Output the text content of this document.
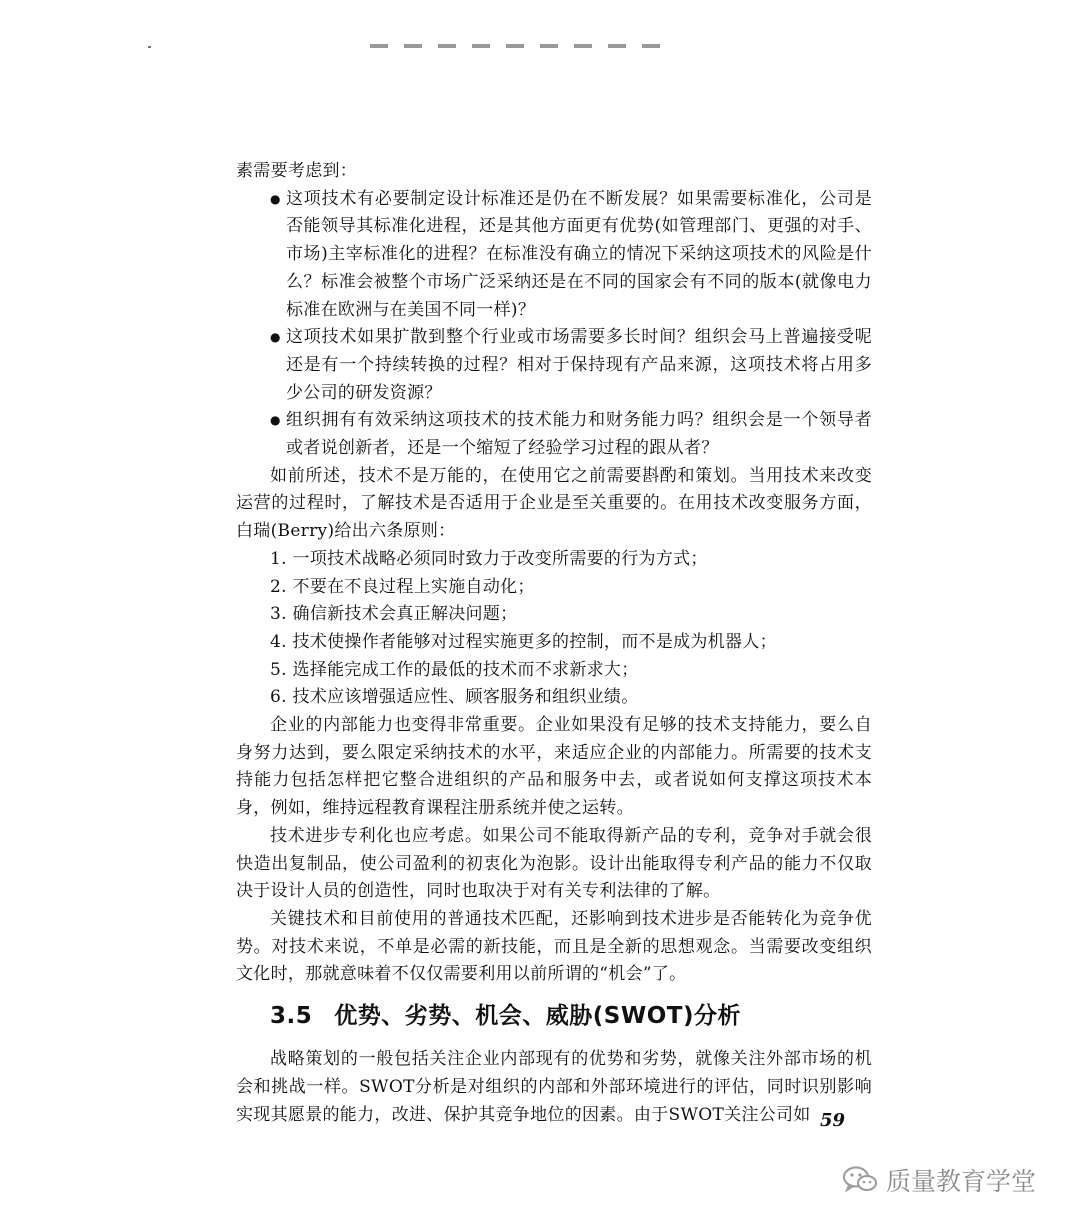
素需要考虑到：

● 这项技术有必要制定设计标准还是仍在不断发展？如果需要标准化，公司是否能领导其标准化进程，还是其他方面更有优势(如管理部门、更强的对手、市场)主宰标准化的进程？在标准没有确立的情况下采纳这项技术的风险是什么？标准会被整个市场广泛采纳还是在不同的国家会有不同的版本(就像电力标准在欧洲与在美国不同一样)？

● 这项技术如果扩散到整个行业或市场需要多长时间？组织会马上普遍接受呢还是有一个持续转换的过程？相对于保持现有产品来源，这项技术将占用多少公司的研发资源？

● 组织拥有有效采纳这项技术的技术能力和财务能力吗？组织会是一个领导者或者说创新者，还是一个缩短了经验学习过程的跟从者？

如前所述，技术不是万能的，在使用它之前需要斟酌和策划。当用技术来改变运营的过程时，了解技术是否适用于企业是至关重要的。在用技术改变服务方面，白瑞(Berry)给出六条原则：

1. 一项技术战略必须同时致力于改变所需要的行为方式；

2. 不要在不良过程上实施自动化；

3. 确信新技术会真正解决问题；

4. 技术使操作者能够对过程实施更多的控制，而不是成为机器人；

5. 选择能完成工作的最低的技术而不求新求大；

6. 技术应该增强适应性、顾客服务和组织业绩。

企业的内部能力也变得非常重要。企业如果没有足够的技术支持能力，要么自身努力达到，要么限定采纳技术的水平，来适应企业的内部能力。所需要的技术支持能力包括怎样把它整合进组织的产品和服务中去，或者说如何支撑这项技术本身，例如，维持远程教育课程注册系统并使之运转。

技术进步专利化也应考虑。如果公司不能取得新产品的专利，竞争对手就会很快造出复制品，使公司盈利的初衷化为泡影。设计出能取得专利产品的能力不仅取决于设计人员的创造性，同时也取决于对有关专利法律的了解。

关键技术和目前使用的普通技术匹配，还影响到技术进步是否能转化为竞争优势。对技术来说，不单是必需的新技能，而且是全新的思想观念。当需要改变组织文化时，那就意味着不仅仅需要利用以前所谓的“机会”了。

3.5 优势、劣势、机会、威胁(SWOT)分析

战略策划的一般包括关注企业内部现有的优势和劣势，就像关注外部市场的机会和挑战一样。SWOT分析是对组织的内部和外部环境进行的评估，同时识别影响实现其愿景的能力，改进、保护其竞争地位的因素。由于SWOT关注公司如 59
质量教育学堂
